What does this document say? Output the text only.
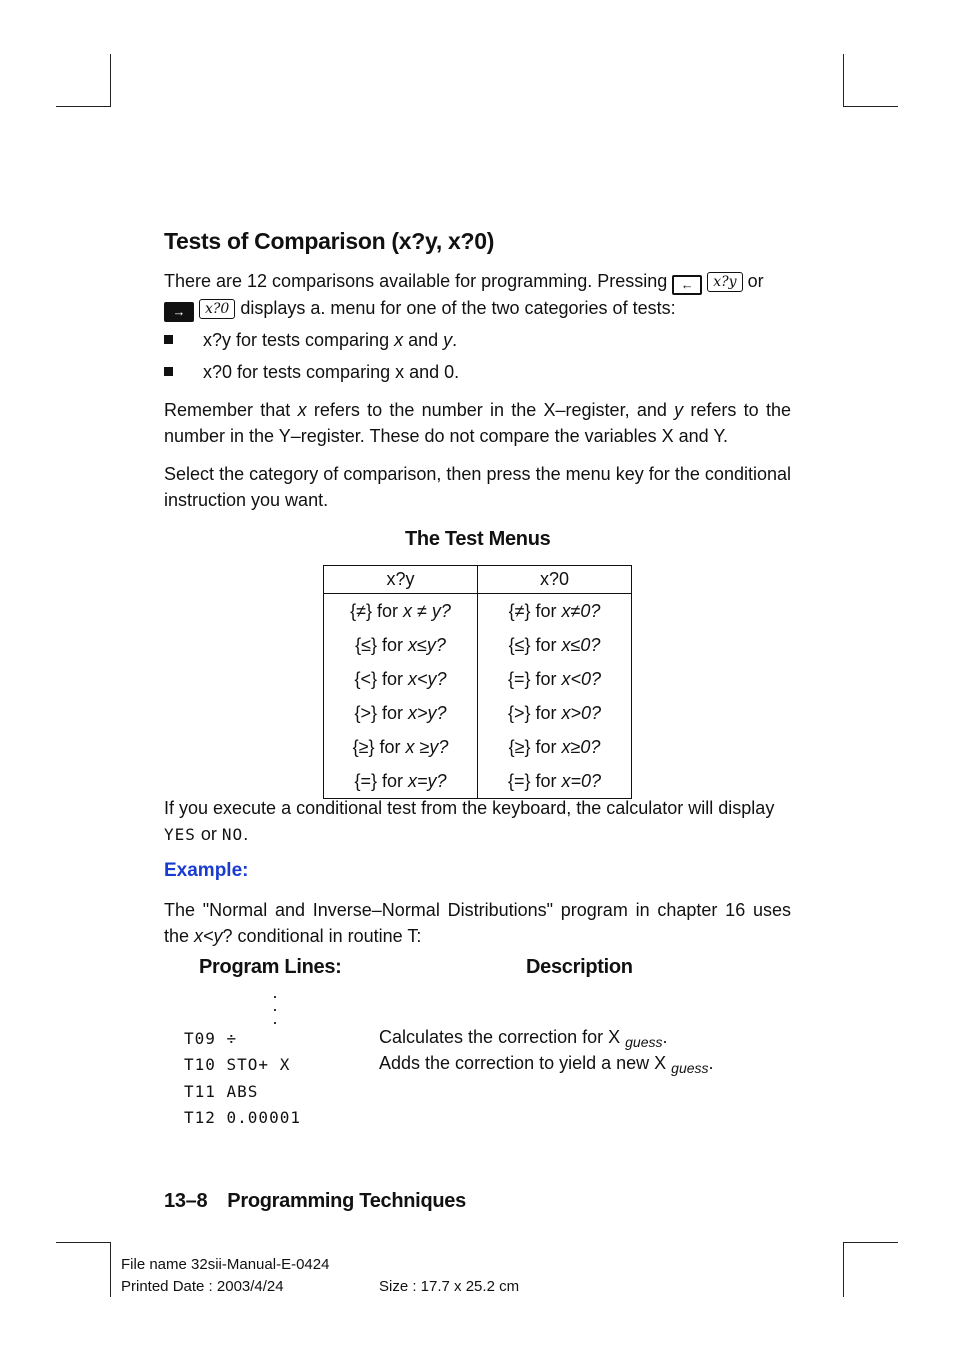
Tests of Comparison (x?y, x?0)

There are 12 comparisons available for programming. Pressing ← x?y or
→ x?0 displays a. menu for one of the two categories of tests:

x?y for tests comparing x and y.

x?0 for tests comparing x and 0.

Remember that x refers to the number in the X–register, and y refers to the number in the Y–register. These do not compare the variables X and Y.

Select the category of comparison, then press the menu key for the conditional instruction you want.

The Test Menus

x?y	x?0
{≠} for x ≠ y?	{≠} for x≠0?
{≤} for x≤y?	{≤} for x≤0?
{<} for x<y?	{=} for x<0?
{>} for x>y?	{>} for x>0?
{≥} for x ≥y?	{≥} for x≥0?
{=} for x=y?	{=} for x=0?

If you execute a conditional test from the keyboard, the calculator will display
YES or NO.

Example:

The "Normal and Inverse–Normal Distributions" program in chapter 16 uses the x<y? conditional in routine T:

Program Lines:	Description

T09 ÷	Calculates the correction for X $_{guess}$.

T10 STO+ X	Adds the correction to yield a new X $_{guess}$.

T11 ABS

T12 0.00001

13–8 Programming Techniques

File name 32sii-Manual-E-0424

Printed Date : 2003/4/24	Size : 17.7 x 25.2 cm
